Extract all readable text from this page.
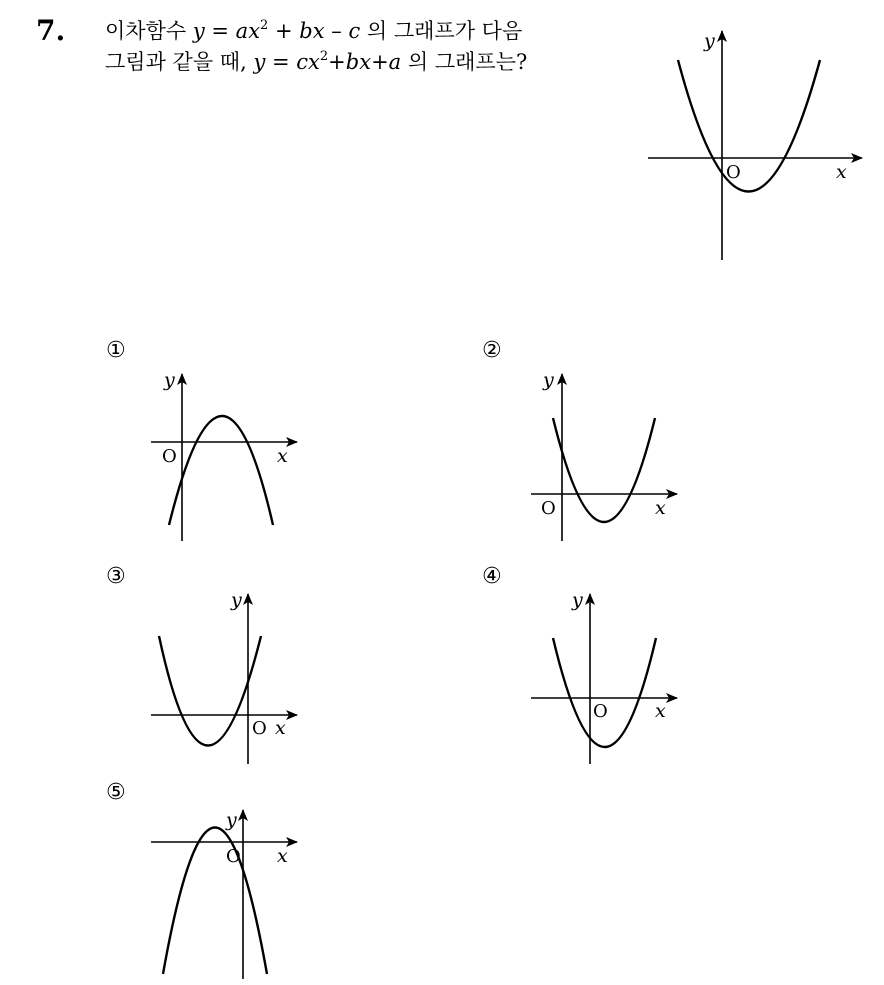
7. 이차함수 $y = ax^2$ + bx – c 의 그래프가 다음
그림과 같을 때, $y = cx^2+bx+a$ 의 그래프는?
y
x
O
①
y
x
O
②
y
x
O
③
y
x
O
④
y
x
O
⑤
y
x
O
